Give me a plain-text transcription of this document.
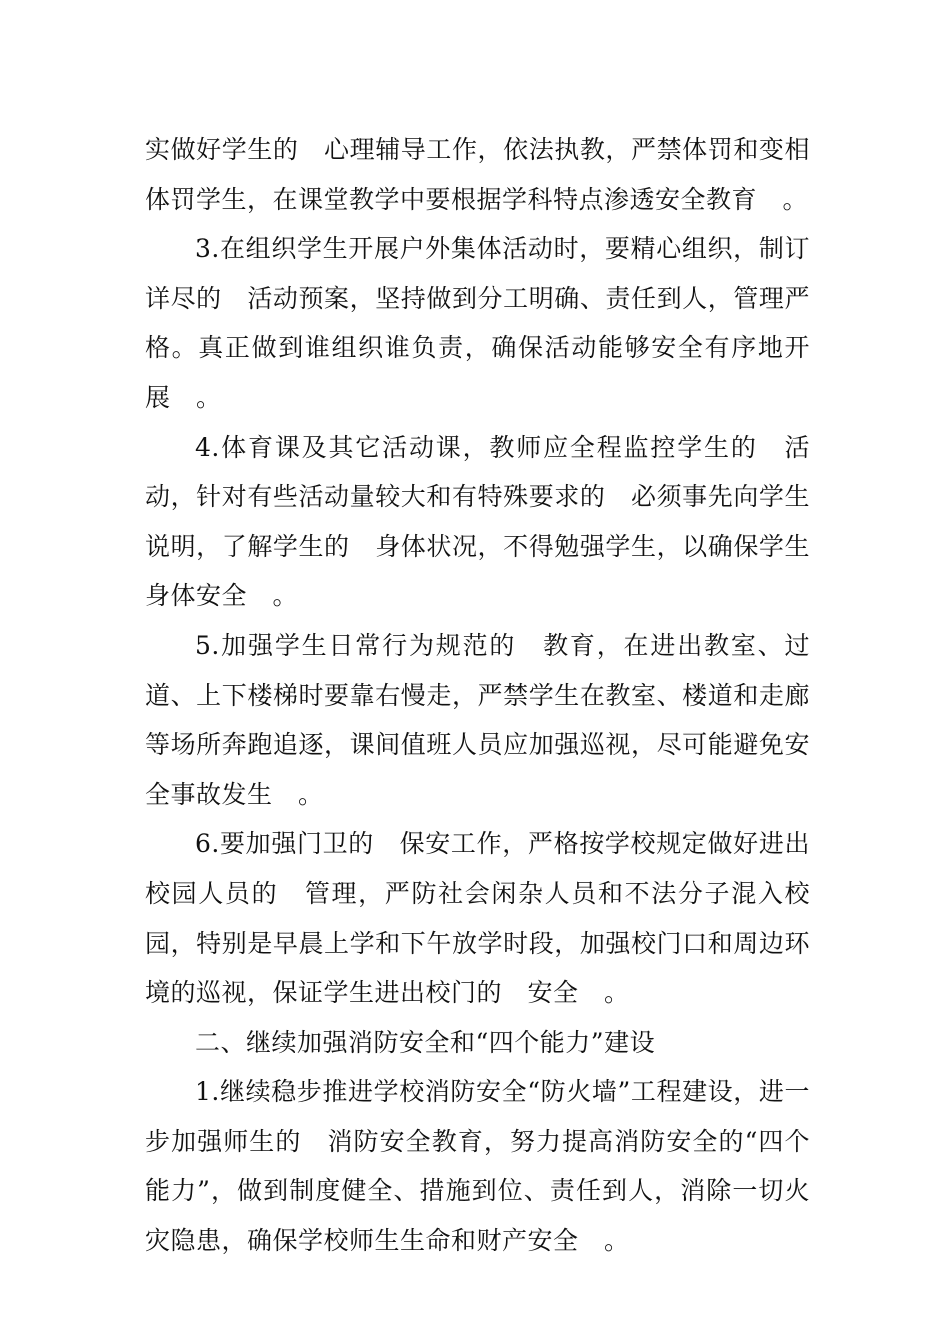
实做好学生的　心理辅导工作，依法执教，严禁体罚和变相体罚学生，在课堂教学中要根据学科特点渗透安全教育　。

3.在组织学生开展户外集体活动时，要精心组织，制订详尽的　活动预案，坚持做到分工明确、责任到人，管理严格。真正做到谁组织谁负责，确保活动能够安全有序地开展　。

4.体育课及其它活动课，教师应全程监控学生的　活动，针对有些活动量较大和有特殊要求的　必须事先向学生说明，了解学生的　身体状况，不得勉强学生，以确保学生身体安全　。

5.加强学生日常行为规范的　教育，在进出教室、过道、上下楼梯时要靠右慢走，严禁学生在教室、楼道和走廊等场所奔跑追逐，课间值班人员应加强巡视，尽可能避免安全事故发生　。

6.要加强门卫的　保安工作，严格按学校规定做好进出校园人员的　管理，严防社会闲杂人员和不法分子混入校园，特别是早晨上学和下午放学时段，加强校门口和周边环境的巡视，保证学生进出校门的　安全　。

二、继续加强消防安全和“四个能力”建设

1.继续稳步推进学校消防安全“防火墙”工程建设，进一步加强师生的　消防安全教育，努力提高消防安全的“四个能力”，做到制度健全、措施到位、责任到人，消除一切火灾隐患，确保学校师生生命和财产安全　。
